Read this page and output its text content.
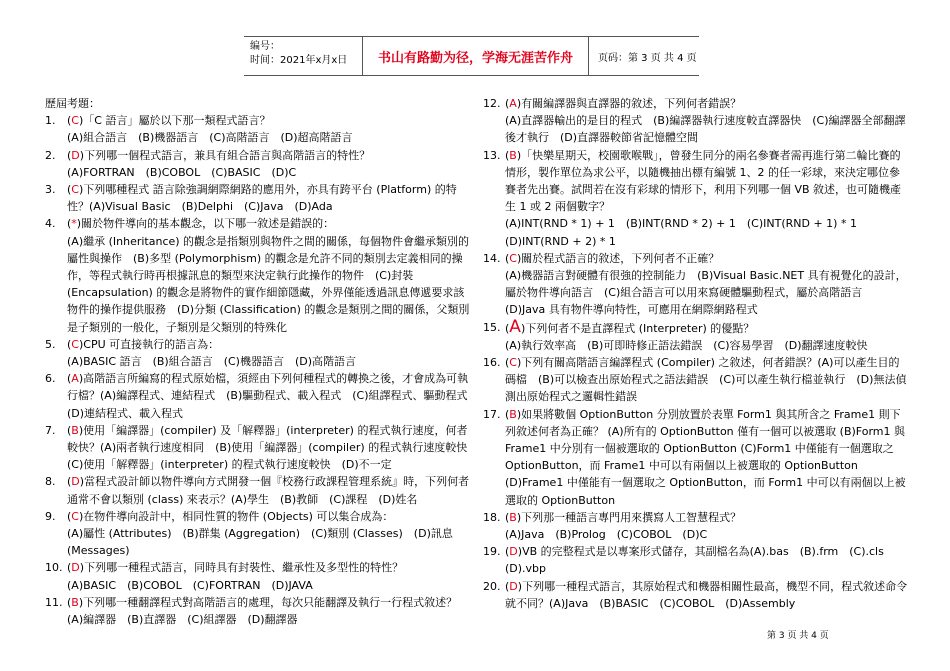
编号：
时间：2021年x月x日	书山有路勤为径，学海无涯苦作舟	页码：第 3 页 共 4 页
歷屆考題：
1. (C)「C 語言」屬於以下那一類程式語言？
(A)組合語言　(B)機器語言　(C)高階語言　(D)超高階語言
2. (D)下列哪一個程式語言，兼具有組合語言與高階語言的特性？
(A)FORTRAN　(B)COBOL　(C)BASIC　(D)C
3. (C)下列哪種程式 語言除強調網際網路的應用外，亦具有跨平台 (Platform) 的特性？(A)Visual Basic　(B)Delphi　(C)Java　(D)Ada
4. (*)關於物件導向的基本觀念，以下哪一敘述是錯誤的：
(A)繼承 (Inheritance) 的觀念是指類別與物件之間的關係，每個物件會繼承類別的屬性與操作　(B)多型 (Polymorphism) 的觀念是允許不同的類別去定義相同的操作，等程式執行時再根據訊息的類型來決定執行此操作的物件　(C)封裝 (Encapsulation) 的觀念是將物件的實作細節隱藏，外界僅能透過訊息傳遞要求該物件的操作提供服務　(D)分類 (Classification) 的觀念是類別之間的關係，父類別是子類別的一般化，子類別是父類別的特殊化
5. (C)CPU 可直接執行的語言為：
(A)BASIC 語言　(B)組合語言　(C)機器語言　(D)高階語言
6. (A)高階語言所編寫的程式原始檔，須經由下列何種程式的轉換之後，才會成為可執行檔？(A)編譯程式、連結程式　(B)驅動程式、載入程式　(C)組譯程式、驅動程式　(D)連結程式、載入程式
7. (B)使用「編譯器」(compiler) 及「解釋器」(interpreter) 的程式執行速度，何者較快？(A)兩者執行速度相同　(B)使用「編譯器」(compiler) 的程式執行速度較快　(C)使用「解釋器」(interpreter) 的程式執行速度較快　(D)不一定
8. (D)當程式設計師以物件導向方式開發一個『校務行政課程管理系統』時，下列何者通常不會以類別 (class) 來表示？(A)學生　(B)教師　(C)課程　(D)姓名
9. (C)在物件導向設計中，相同性質的物件 (Objects) 可以集合成為：
(A)屬性 (Attributes)　(B)群集 (Aggregation)　(C)類別 (Classes)　(D)訊息 (Messages)
10. (D)下列哪一種程式語言，同時具有封裝性、繼承性及多型性的特性？
(A)BASIC　(B)COBOL　(C)FORTRAN　(D)JAVA
11. (B)下列哪一種翻譯程式對高階語言的處理，每次只能翻譯及執行一行程式敘述？
(A)編譯器　(B)直譯器　(C)組譯器　(D)翻譯器
12. (A)有關編譯器與直譯器的敘述，下列何者錯誤？
(A)直譯器輸出的是目的程式　(B)編譯器執行速度較直譯器快　(C)編譯器全部翻譯後才執行　(D)直譯器較節省記憶體空間
13. (B)「快樂星期天，校園歌喉戰」，曾發生同分的兩名參賽者需再進行第二輪比賽的情形，製作單位為求公平，以隨機抽出標有編號 1、2 的任一彩球，來決定哪位參賽者先出賽。試問若在沒有彩球的情形下，利用下列哪一個 VB 敘述，也可隨機產生 1 或 2 兩個數字？
(A)INT(RND * 1) + 1　(B)INT(RND * 2) + 1　(C)INT(RND + 1) * 1　(D)INT(RND + 2) * 1
14. (C)關於程式語言的敘述，下列何者不正確？
(A)機器語言對硬體有很強的控制能力　(B)Visual Basic.NET 具有視覺化的設計，屬於物件導向語言　(C)組合語言可以用來寫硬體驅動程式，屬於高階語言　(D)Java 具有物件導向特性，可應用在網際網路程式
15. (A)下列何者不是直譯程式 (Interpreter) 的優點？
(A)執行效率高　(B)可即時修正語法錯誤　(C)容易學習　(D)翻譯速度較快
16. (C)下列有關高階語言編譯程式 (Compiler) 之敘述，何者錯誤？(A)可以產生目的碼檔　(B)可以檢查出原始程式之語法錯誤　(C)可以產生執行檔並執行　(D)無法偵測出原始程式之邏輯性錯誤
17. (B)如果將數個 OptionButton 分別放置於表單 Form1 與其所含之 Frame1 則下列敘述何者為正確？ (A)所有的 OptionButton 僅有一個可以被選取 (B)Form1 與 Frame1 中分別有一個被選取的 OptionButton (C)Form1 中僅能有一個選取之 OptionButton，而 Frame1 中可以有兩個以上被選取的 OptionButton (D)Frame1 中僅能有一個選取之 OptionButton，而 Form1 中可以有兩個以上被選取的 OptionButton
18. (B)下列那一種語言專門用來撰寫人工智慧程式？
(A)Java　(B)Prolog　(C)COBOL　(D)C
19. (D)VB 的完整程式是以專案形式儲存，其副檔名為(A).bas　(B).frm　(C).cls　(D).vbp
20. (D)下列哪一種程式語言，其原始程式和機器相關性最高，機型不同，程式敘述命令就不同？(A)Java　(B)BASIC　(C)COBOL　(D)Assembly
第 3 页 共 4 页
